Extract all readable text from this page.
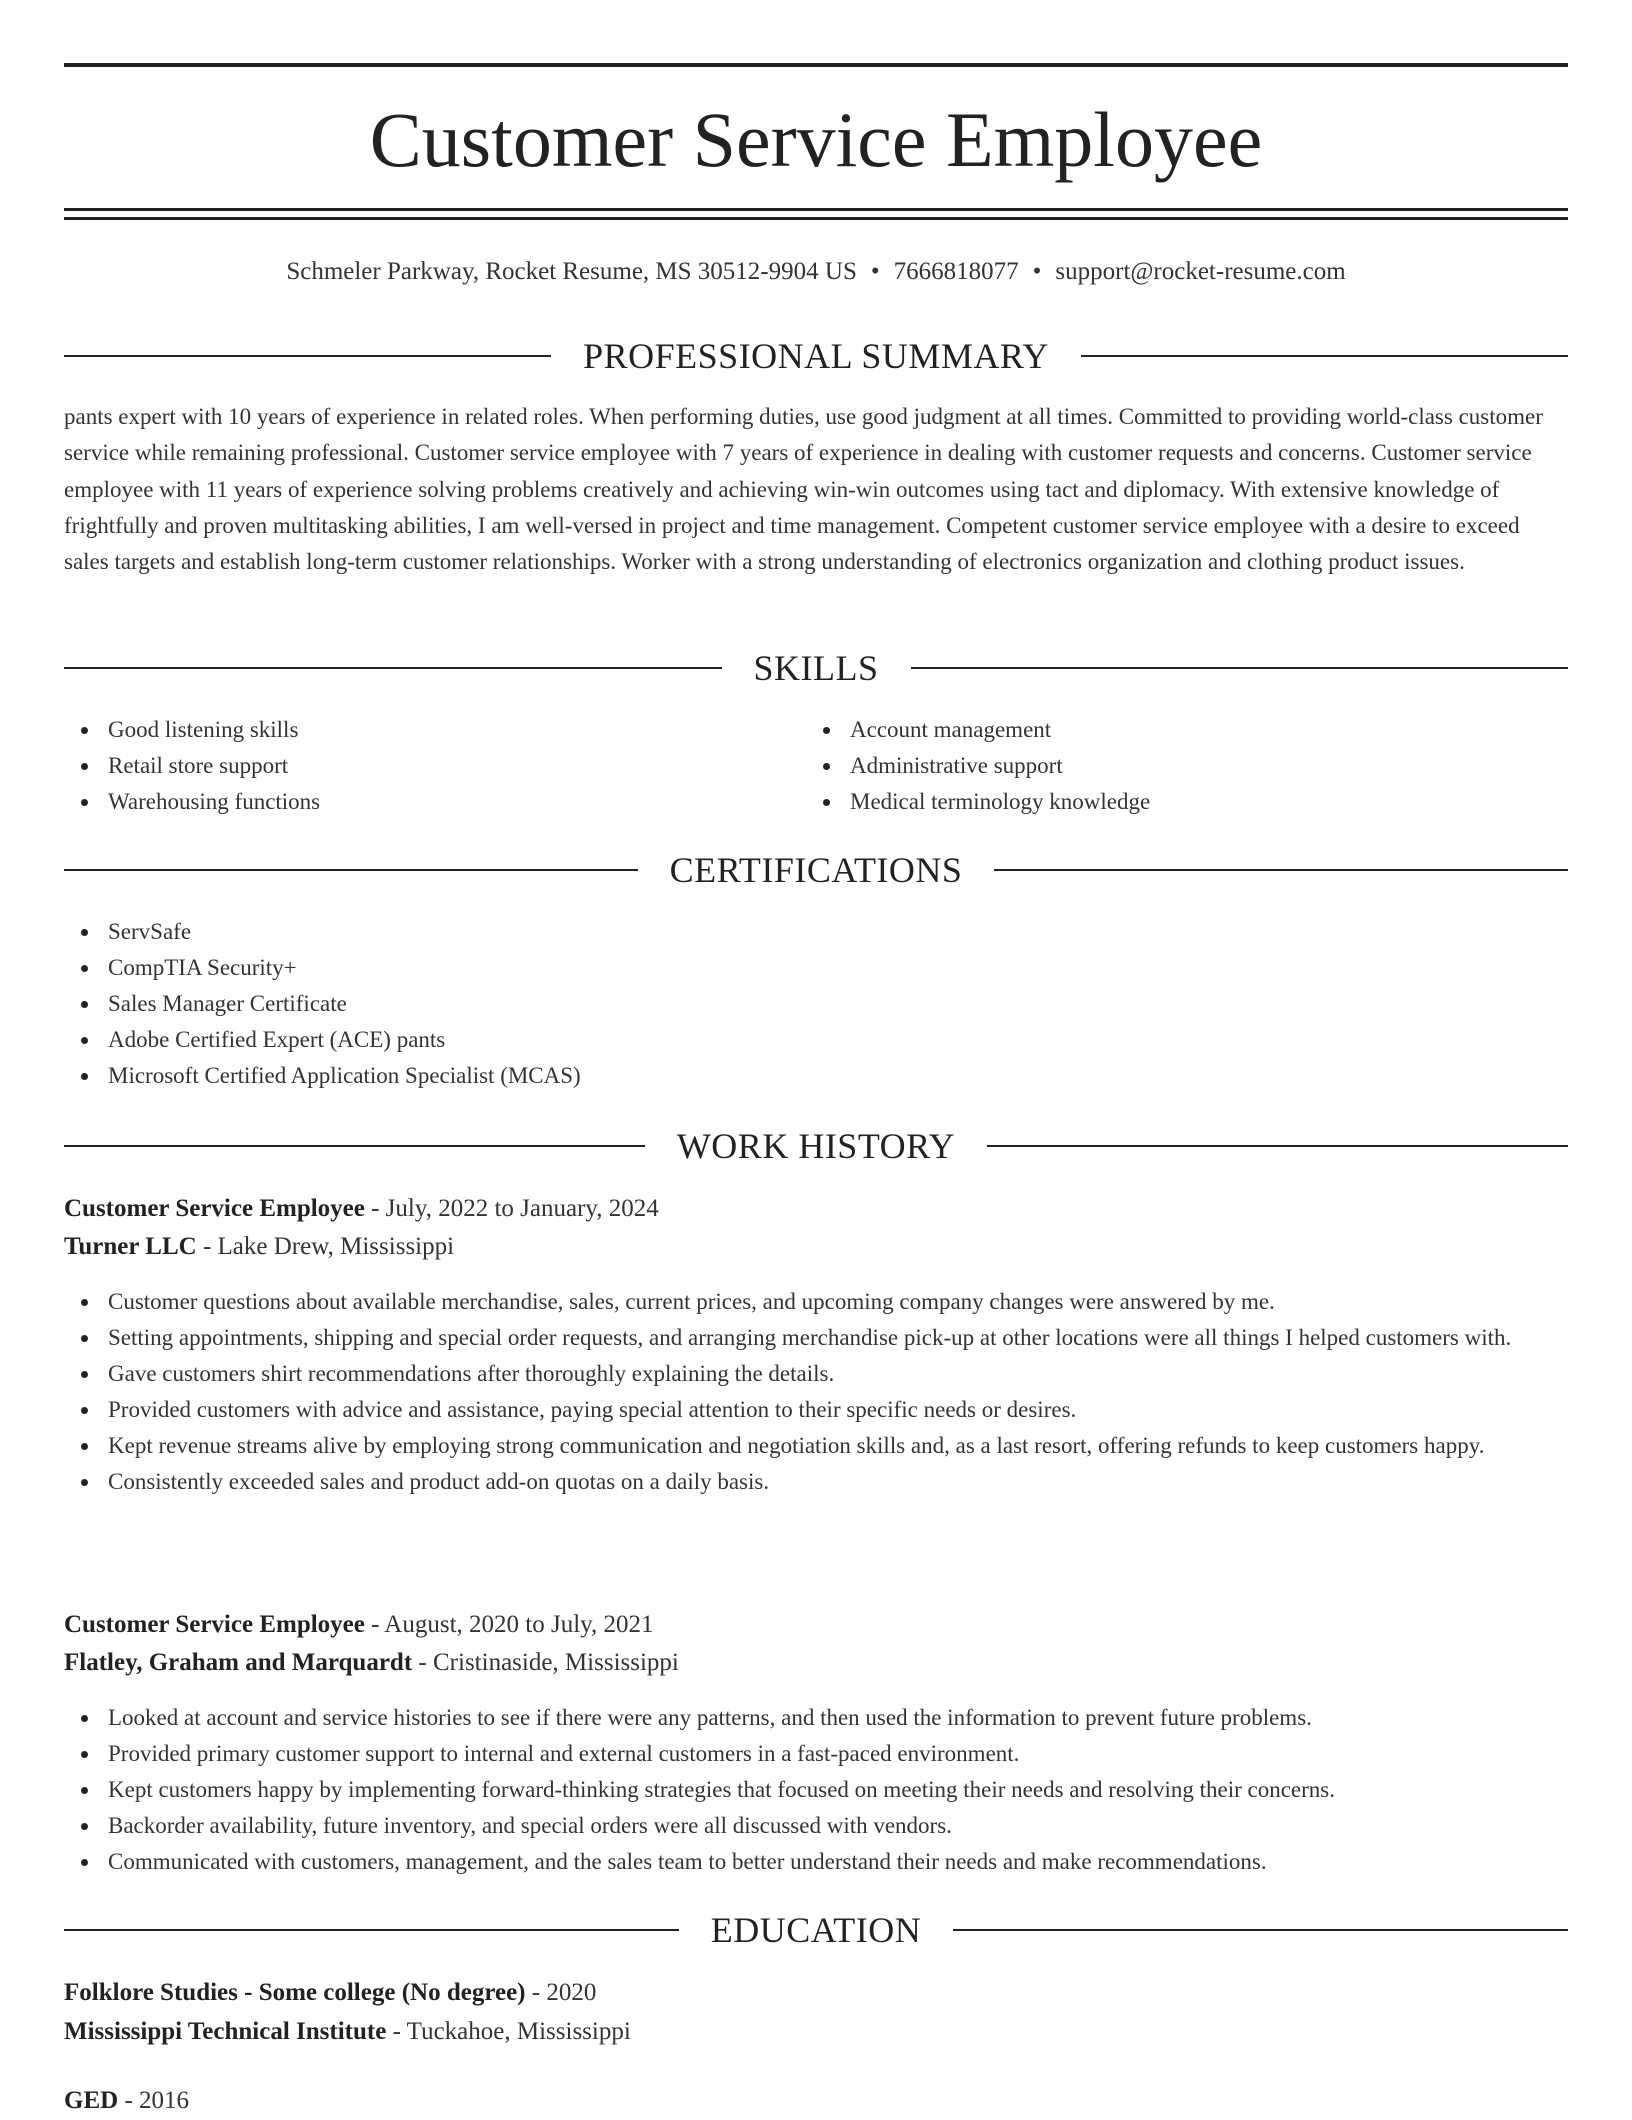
Customer Service Employee
Schmeler Parkway, Rocket Resume, MS 30512-9904 US • 7666818077 • support@rocket-resume.com
PROFESSIONAL SUMMARY

pants expert with 10 years of experience in related roles. When performing duties, use good judgment at all times. Committed to providing world-class customer service while remaining professional. Customer service employee with 7 years of experience in dealing with customer requests and concerns. Customer service employee with 11 years of experience solving problems creatively and achieving win-win outcomes using tact and diplomacy. With extensive knowledge of frightfully and proven multitasking abilities, I am well-versed in project and time management. Competent customer service employee with a desire to exceed sales targets and establish long-term customer relationships. Worker with a strong understanding of electronics organization and clothing product issues.

SKILLS
Good listening skills
Retail store support
Warehousing functions
Account management
Administrative support
Medical terminology knowledge
CERTIFICATIONS
ServSafe
CompTIA Security+
Sales Manager Certificate
Adobe Certified Expert (ACE) pants
Microsoft Certified Application Specialist (MCAS)
WORK HISTORY
Customer Service Employee - July, 2022 to January, 2024
Turner LLC - Lake Drew, Mississippi
Customer questions about available merchandise, sales, current prices, and upcoming company changes were answered by me.
Setting appointments, shipping and special order requests, and arranging merchandise pick-up at other locations were all things I helped customers with.
Gave customers shirt recommendations after thoroughly explaining the details.
Provided customers with advice and assistance, paying special attention to their specific needs or desires.
Kept revenue streams alive by employing strong communication and negotiation skills and, as a last resort, offering refunds to keep customers happy.
Consistently exceeded sales and product add-on quotas on a daily basis.
Customer Service Employee - August, 2020 to July, 2021
Flatley, Graham and Marquardt - Cristinaside, Mississippi
Looked at account and service histories to see if there were any patterns, and then used the information to prevent future problems.
Provided primary customer support to internal and external customers in a fast-paced environment.
Kept customers happy by implementing forward-thinking strategies that focused on meeting their needs and resolving their concerns.
Backorder availability, future inventory, and special orders were all discussed with vendors.
Communicated with customers, management, and the sales team to better understand their needs and make recommendations.
EDUCATION
Folklore Studies - Some college (No degree) - 2020
Mississippi Technical Institute - Tuckahoe, Mississippi
GED - 2016
